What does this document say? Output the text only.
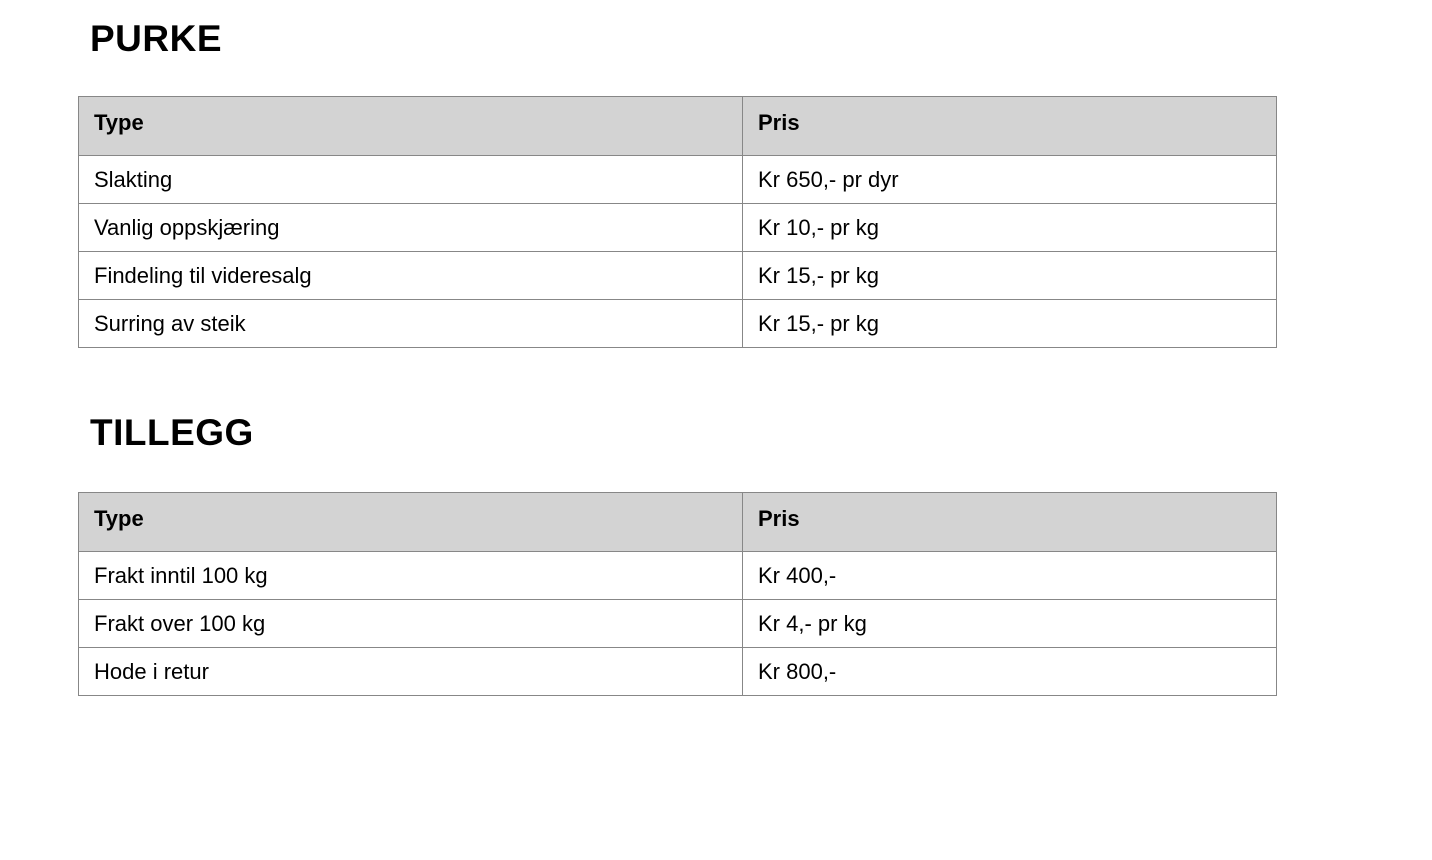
PURKE
Type	Pris
Slakting	Kr 650,- pr dyr
Vanlig oppskjæring	Kr 10,- pr kg
Findeling til videresalg	Kr 15,- pr kg
Surring av steik	Kr 15,- pr kg
TILLEGG
Type	Pris
Frakt inntil 100 kg	Kr 400,-
Frakt over 100 kg	Kr 4,- pr kg
Hode i retur	Kr 800,-
